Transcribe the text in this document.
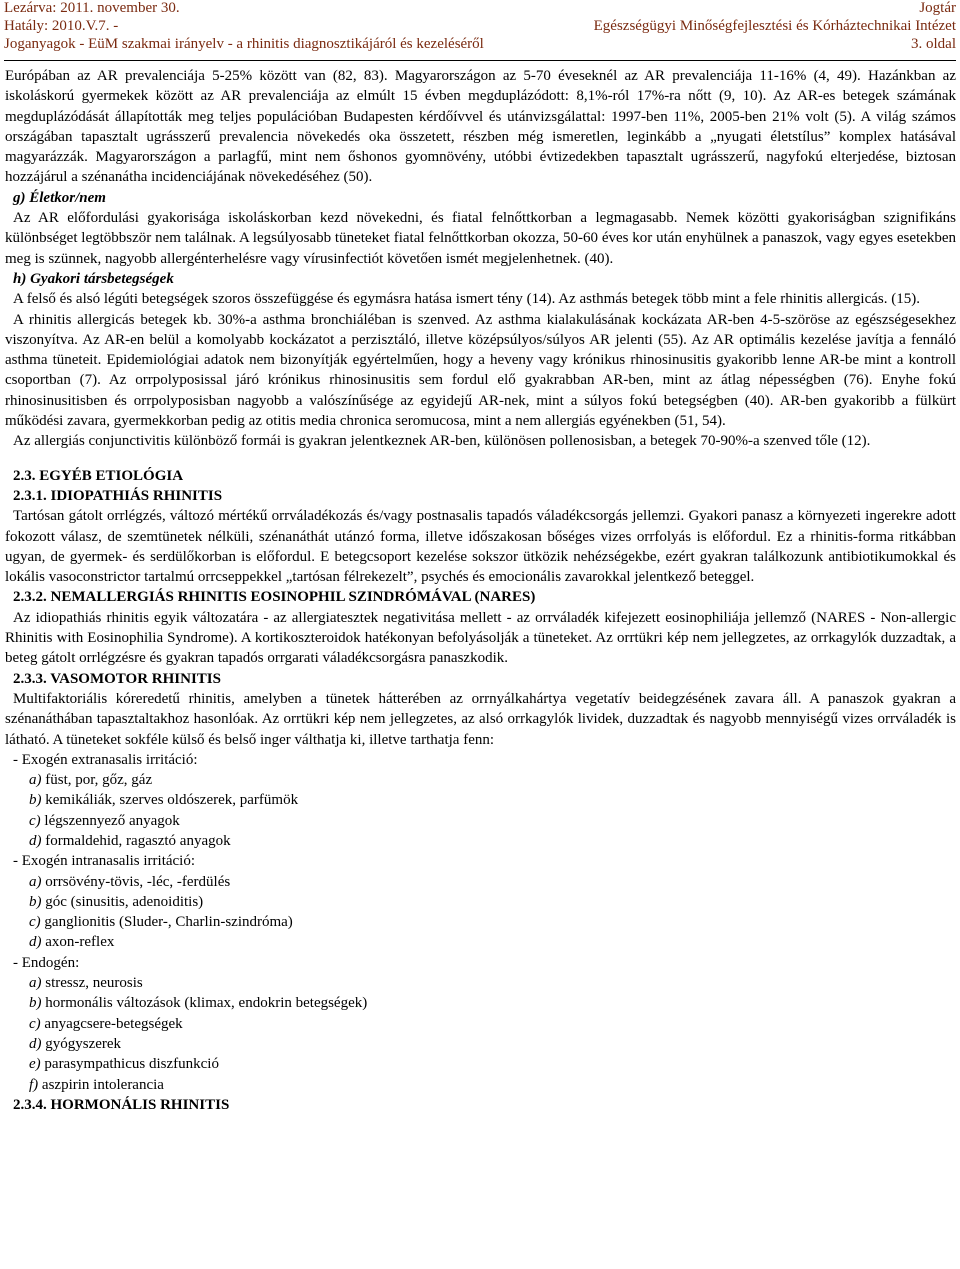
Lezárva: 2011. november 30.
Hatály: 2010.V.7. -
Joganyagok - EüM szakmai irányelv - a rhinitis diagnosztikájáról és kezeléséről
Jogtár
Egészségügyi Minőségfejlesztési és Kórháztechnikai Intézet
3. oldal

Európában az AR prevalenciája 5-25% között van (82, 83). Magyarországon az 5-70 éveseknél az AR prevalenciája 11-16% (4, 49). Hazánkban az iskoláskorú gyermekek között az AR prevalenciája az elmúlt 15 évben megduplázódott: 8,1%-ról 17%-ra nőtt (9, 10). Az AR-es betegek számának megduplázódását állapították meg teljes populációban Budapesten kérdőívvel és utánvizsgálattal: 1997-ben 11%, 2005-ben 21% volt (5). A világ számos országában tapasztalt ugrásszerű prevalencia növekedés oka összetett, részben még ismeretlen, leginkább a „nyugati életstílus” komplex hatásával magyarázzák. Magyarországon a parlagfű, mint nem őshonos gyomnövény, utóbbi évtizedekben tapasztalt ugrásszerű, nagyfokú elterjedése, biztosan hozzájárul a szénanátha incidenciájának növekedéséhez (50).

g) Életkor/nem

Az AR előfordulási gyakorisága iskoláskorban kezd növekedni, és fiatal felnőttkorban a legmagasabb. Nemek közötti gyakoriságban szignifikáns különbséget legtöbbször nem találnak. A legsúlyosabb tüneteket fiatal felnőttkorban okozza, 50-60 éves kor után enyhülnek a panaszok, vagy egyes esetekben meg is szünnek, nagyobb allergénterhelésre vagy vírusinfectiót követően ismét megjelenhetnek. (40).

h) Gyakori társbetegségek

A felső és alsó légúti betegségek szoros összefüggése és egymásra hatása ismert tény (14). Az asthmás betegek több mint a fele rhinitis allergicás. (15).

A rhinitis allergicás betegek kb. 30%-a asthma bronchiáléban is szenved. Az asthma kialakulásának kockázata AR-ben 4-5-szöröse az egészségesekhez viszonyítva. Az AR-en belül a komolyabb kockázatot a perzisztáló, illetve középsúlyos/súlyos AR jelenti (55). Az AR optimális kezelése javítja a fennáló asthma tüneteit. Epidemiológiai adatok nem bizonyítják egyértelműen, hogy a heveny vagy krónikus rhinosinusitis gyakoribb lenne AR-be mint a kontroll csoportban (7). Az orrpolyposissal járó krónikus rhinosinusitis sem fordul elő gyakrabban AR-ben, mint az átlag népességben (76). Enyhe fokú rhinosinusitisben és orrpolyposisban nagyobb a valószínűsége az egyidejű AR-nek, mint a súlyos fokú betegségben (40). AR-ben gyakoribb a fülkürt működési zavara, gyermekkorban pedig az otitis media chronica seromucosa, mint a nem allergiás egyénekben (51, 54).

Az allergiás conjunctivitis különböző formái is gyakran jelentkeznek AR-ben, különösen pollenosisban, a betegek 70-90%-a szenved tőle (12).

2.3. EGYÉB ETIOLÓGIA

2.3.1. IDIOPATHIÁS RHINITIS

Tartósan gátolt orrlégzés, változó mértékű orrváladékozás és/vagy postnasalis tapadós váladékcsorgás jellemzi. Gyakori panasz a környezeti ingerekre adott fokozott válasz, de szemtünetek nélküli, szénanáthát utánzó forma, illetve időszakosan bőséges vizes orrfolyás is előfordul. Ez a rhinitis-forma ritkábban ugyan, de gyermek- és serdülőkorban is előfordul. E betegcsoport kezelése sokszor ütközik nehézségekbe, ezért gyakran találkozunk antibiotikumokkal és lokális vasoconstrictor tartalmú orrcseppekkel „tartósan félrekezelt”, psychés és emocionális zavarokkal jelentkező beteggel.

2.3.2. NEMALLERGIÁS RHINITIS EOSINOPHIL SZINDRÓMÁVAL (NARES)

Az idiopathiás rhinitis egyik változatára - az allergiatesztek negativitása mellett - az orrváladék kifejezett eosinophiliája jellemző (NARES - Non-allergic Rhinitis with Eosinophilia Syndrome). A kortikoszteroidok hatékonyan befolyásolják a tüneteket. Az orrtükri kép nem jellegzetes, az orrkagylók duzzadtak, a beteg gátolt orrlégzésre és gyakran tapadós orrgarati váladékcsorgásra panaszkodik.

2.3.3. VASOMOTOR RHINITIS

Multifaktoriális kóreredetű rhinitis, amelyben a tünetek hátterében az orrnyálkahártya vegetatív beidegzésének zavara áll. A panaszok gyakran a szénanáthában tapasztaltakhoz hasonlóak. Az orrtükri kép nem jellegzetes, az alsó orrkagylók lividek, duzzadtak és nagyobb mennyiségű vizes orrváladék is látható. A tüneteket sokféle külső és belső inger válthatja ki, illetve tarthatja fenn:

- Exogén extranasalis irritáció:
a) füst, por, gőz, gáz
b) kemikáliák, szerves oldószerek, parfümök
c) légszennyező anyagok
d) formaldehid, ragasztó anyagok
- Exogén intranasalis irritáció:
a) orrsövény-tövis, -léc, -ferdülés
b) góc (sinusitis, adenoiditis)
c) ganglionitis (Sluder-, Charlin-szindróma)
d) axon-reflex
- Endogén:
a) stressz, neurosis
b) hormonális változások (klimax, endokrin betegségek)
c) anyagcsere-betegségek
d) gyógyszerek
e) parasympathicus diszfunkció
f) aszpirin intolerancia

2.3.4. HORMONÁLIS RHINITIS
